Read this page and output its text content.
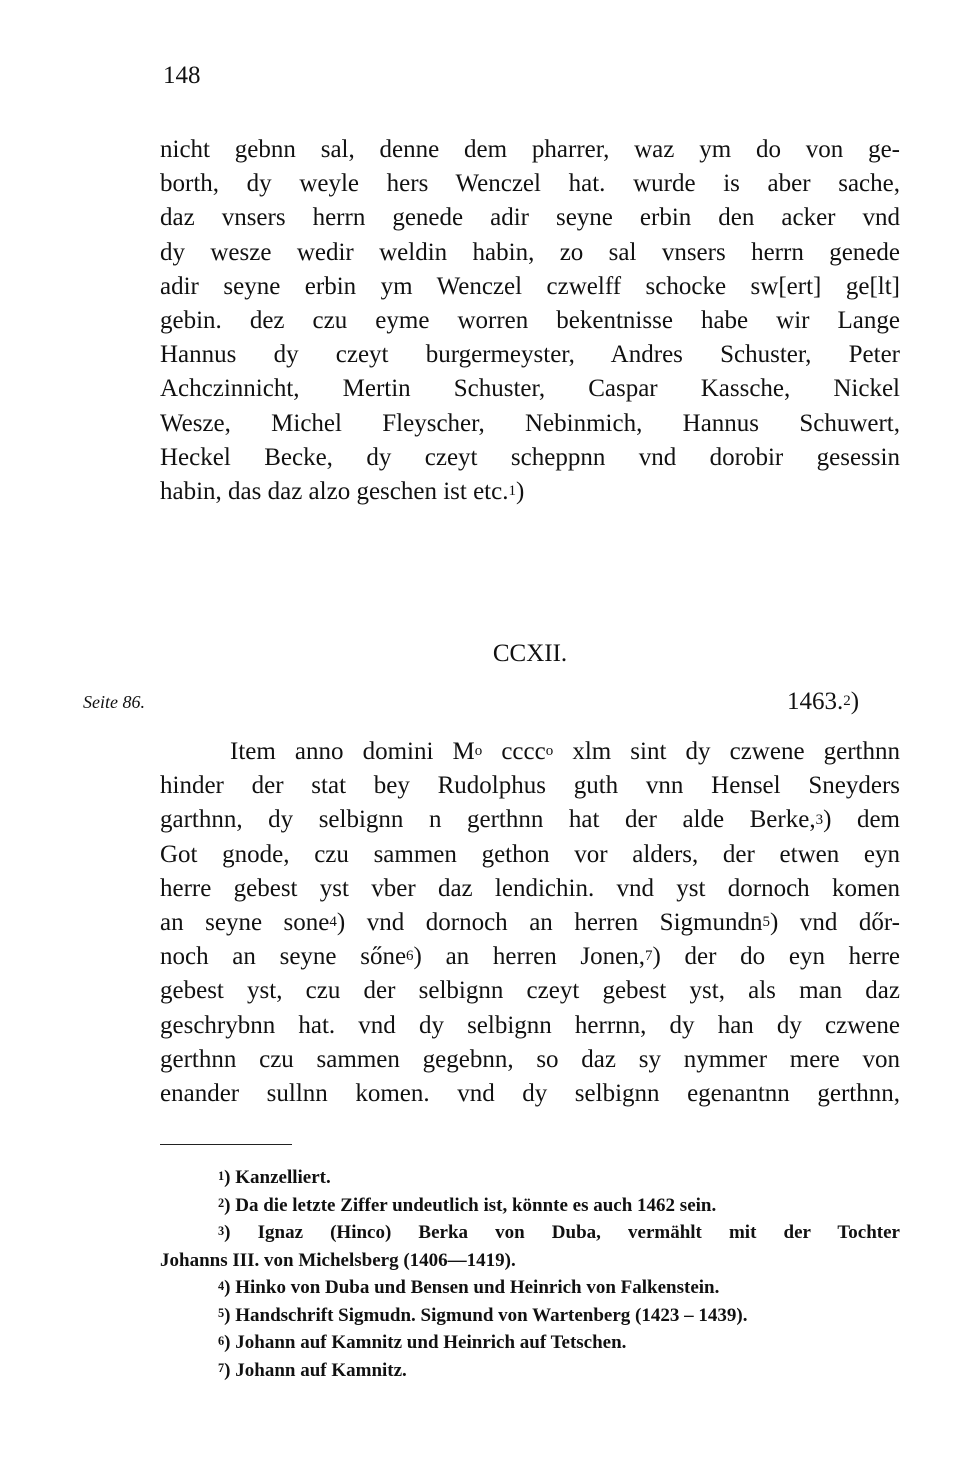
148
nicht gebnn sal, denne dem pharrer, waz ym do von ge-
borth, dy weyle hers Wenczel hat. wurde is aber sache,
daz vnsers herrn genede adir seyne erbin den acker vnd
dy wesze wedir weldin habin, zo sal vnsers herrn genede
adir seyne erbin ym Wenczel czwelff schocke sw[ert] ge[lt]
gebin. dez czu eyme worren bekentnisse habe wir Lange
Hannus dy czeyt burgermeyster, Andres Schuster, Peter
Achczinnicht, Mertin Schuster, Caspar Kassche, Nickel
Wesze, Michel Fleyscher, Nebinmich, Hannus Schuwert,
Heckel Becke, dy czeyt scheppnn vnd dorobir gesessin
habin, das daz alzo geschen ist etc.$^1$)
CCXII.
Seite 86.	1463.$^2$)
Item anno domini $M^o$ cccc$^o$ xlm sint dy czwene gerthnn
hinder der stat bey Rudolphus guth vnn Hensel Sneyders
garthnn, dy selbignn n gerthnn hat der alde Berke,$^3$) dem
Got gnode, czu sammen gethon vor alders, der etwen eyn
herre gebest yst vber daz lendichin. vnd yst dornoch komen
an seyne sone$^4$) vnd dornoch an herren Sigmundn$^5$) vnd dőr-
noch an seyne sőne$^6$) an herren Jonen,$^7$) der do eyn herre
gebest yst, czu der selbignn czeyt gebest yst, als man daz
geschrybnn hat. vnd dy selbignn herrnn, dy han dy czwene
gerthnn czu sammen gegebnn, so daz sy nymmer mere von
enander sullnn komen. vnd dy selbignn egenantnn gerthnn,
$^1$) Kanzelliert.
$^2$) Da die letzte Ziffer undeutlich ist, könnte es auch 1462 sein.
$^3$) Ignaz (Hinco) Berka von Duba, vermählt mit der Tochter
Johanns III. von Michelsberg (1406—1419).
$^4$) Hinko von Duba und Bensen und Heinrich von Falkenstein.
$^5$) Handschrift Sigmudn. Sigmund von Wartenberg (1423 – 1439).
$^6$) Johann auf Kamnitz und Heinrich auf Tetschen.
$^7$) Johann auf Kamnitz.
